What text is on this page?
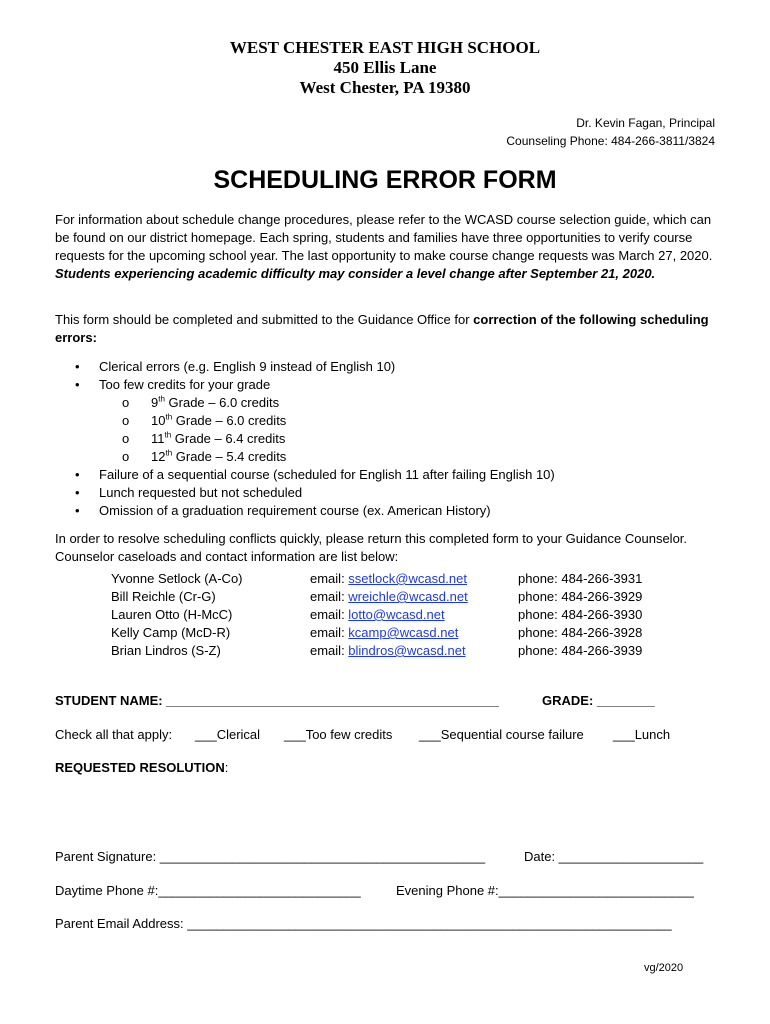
WEST CHESTER EAST HIGH SCHOOL
450 Ellis Lane
West Chester, PA 19380
Dr. Kevin Fagan, Principal
Counseling Phone: 484-266-3811/3824
SCHEDULING ERROR FORM
For information about schedule change procedures, please refer to the WCASD course selection guide, which can be found on our district homepage. Each spring, students and families have three opportunities to verify course requests for the upcoming school year. The last opportunity to make course change requests was March 27, 2020. Students experiencing academic difficulty may consider a level change after September 21, 2020.
This form should be completed and submitted to the Guidance Office for correction of the following scheduling errors:
• Clerical errors (e.g. English 9 instead of English 10)
• Too few credits for your grade
o 9th Grade – 6.0 credits
o 10th Grade – 6.0 credits
o 11th Grade – 6.4 credits
o 12th Grade – 5.4 credits
• Failure of a sequential course (scheduled for English 11 after failing English 10)
• Lunch requested but not scheduled
• Omission of a graduation requirement course (ex. American History)
In order to resolve scheduling conflicts quickly, please return this completed form to your Guidance Counselor. Counselor caseloads and contact information are list below:
Yvonne Setlock (A-Co)	email: ssetlock@wcasd.net	phone: 484-266-3931
Bill Reichle (Cr-G)	email: wreichle@wcasd.net	phone: 484-266-3929
Lauren Otto (H-McC)	email: lotto@wcasd.net	phone: 484-266-3930
Kelly Camp (McD-R)	email: kcamp@wcasd.net	phone: 484-266-3928
Brian Lindros (S-Z)	email: blindros@wcasd.net	phone: 484-266-3939
STUDENT NAME: ______________________________________________	GRADE: ________
Check all that apply: ___Clerical ___Too few credits ___Sequential course failure ___Lunch
REQUESTED RESOLUTION:
Parent Signature: _____________________________________________	Date: ____________________
Daytime Phone #:____________________________	Evening Phone #:___________________________
Parent Email Address: ___________________________________________________________________
vg/2020
